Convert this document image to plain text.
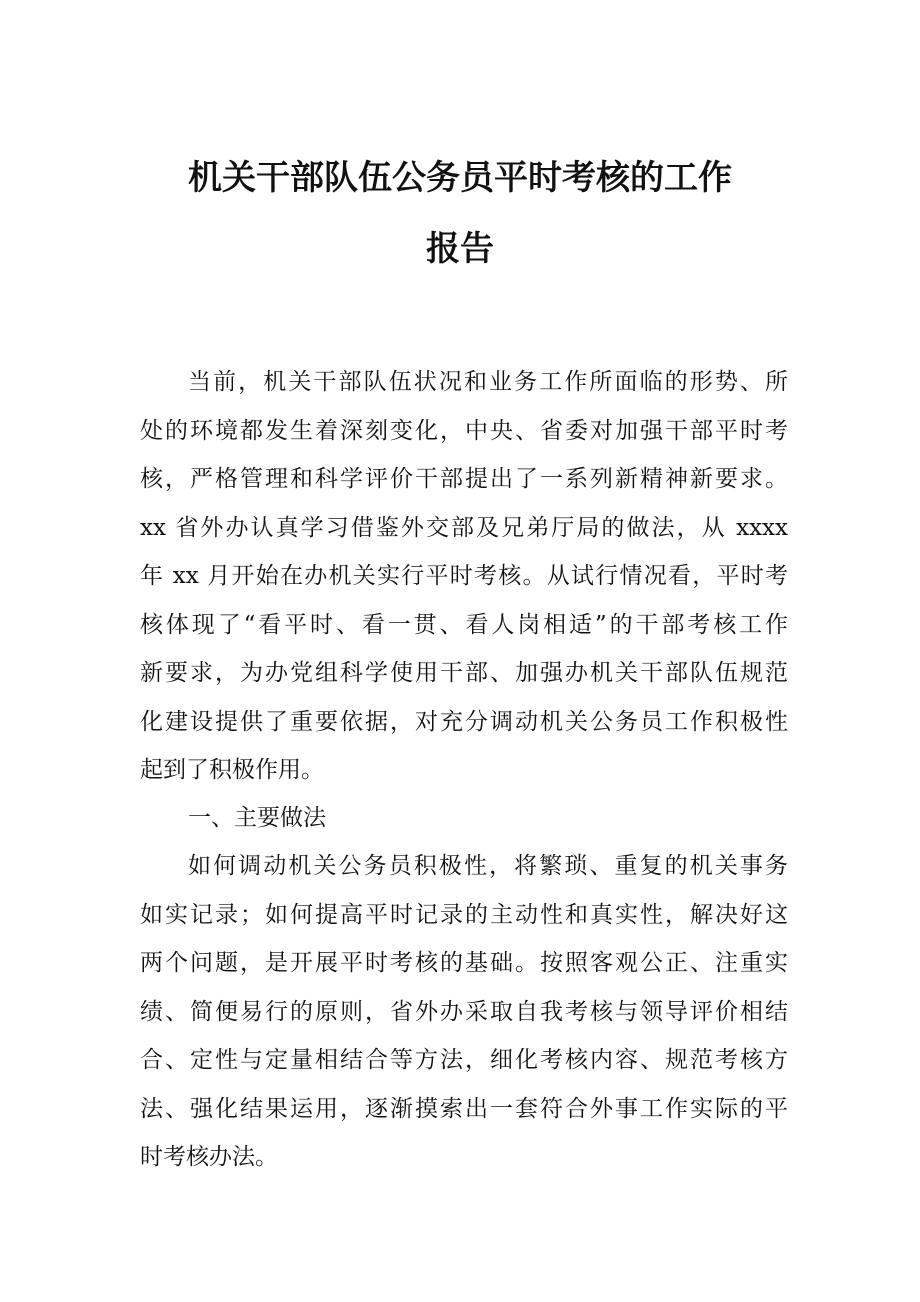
机关干部队伍公务员平时考核的工作
报告
当前，机关干部队伍状况和业务工作所面临的形势、所
处的环境都发生着深刻变化，中央、省委对加强干部平时考
核，严格管理和科学评价干部提出了一系列新精神新要求。
xx 省外办认真学习借鉴外交部及兄弟厅局的做法，从 xxxx
年 xx 月开始在办机关实行平时考核。从试行情况看，平时考
核体现了“看平时、看一贯、看人岗相适”的干部考核工作
新要求，为办党组科学使用干部、加强办机关干部队伍规范
化建设提供了重要依据，对充分调动机关公务员工作积极性
起到了积极作用。
一、主要做法
如何调动机关公务员积极性，将繁琐、重复的机关事务
如实记录；如何提高平时记录的主动性和真实性，解决好这
两个问题，是开展平时考核的基础。按照客观公正、注重实
绩、简便易行的原则，省外办采取自我考核与领导评价相结
合、定性与定量相结合等方法，细化考核内容、规范考核方
法、强化结果运用，逐渐摸索出一套符合外事工作实际的平
时考核办法。
